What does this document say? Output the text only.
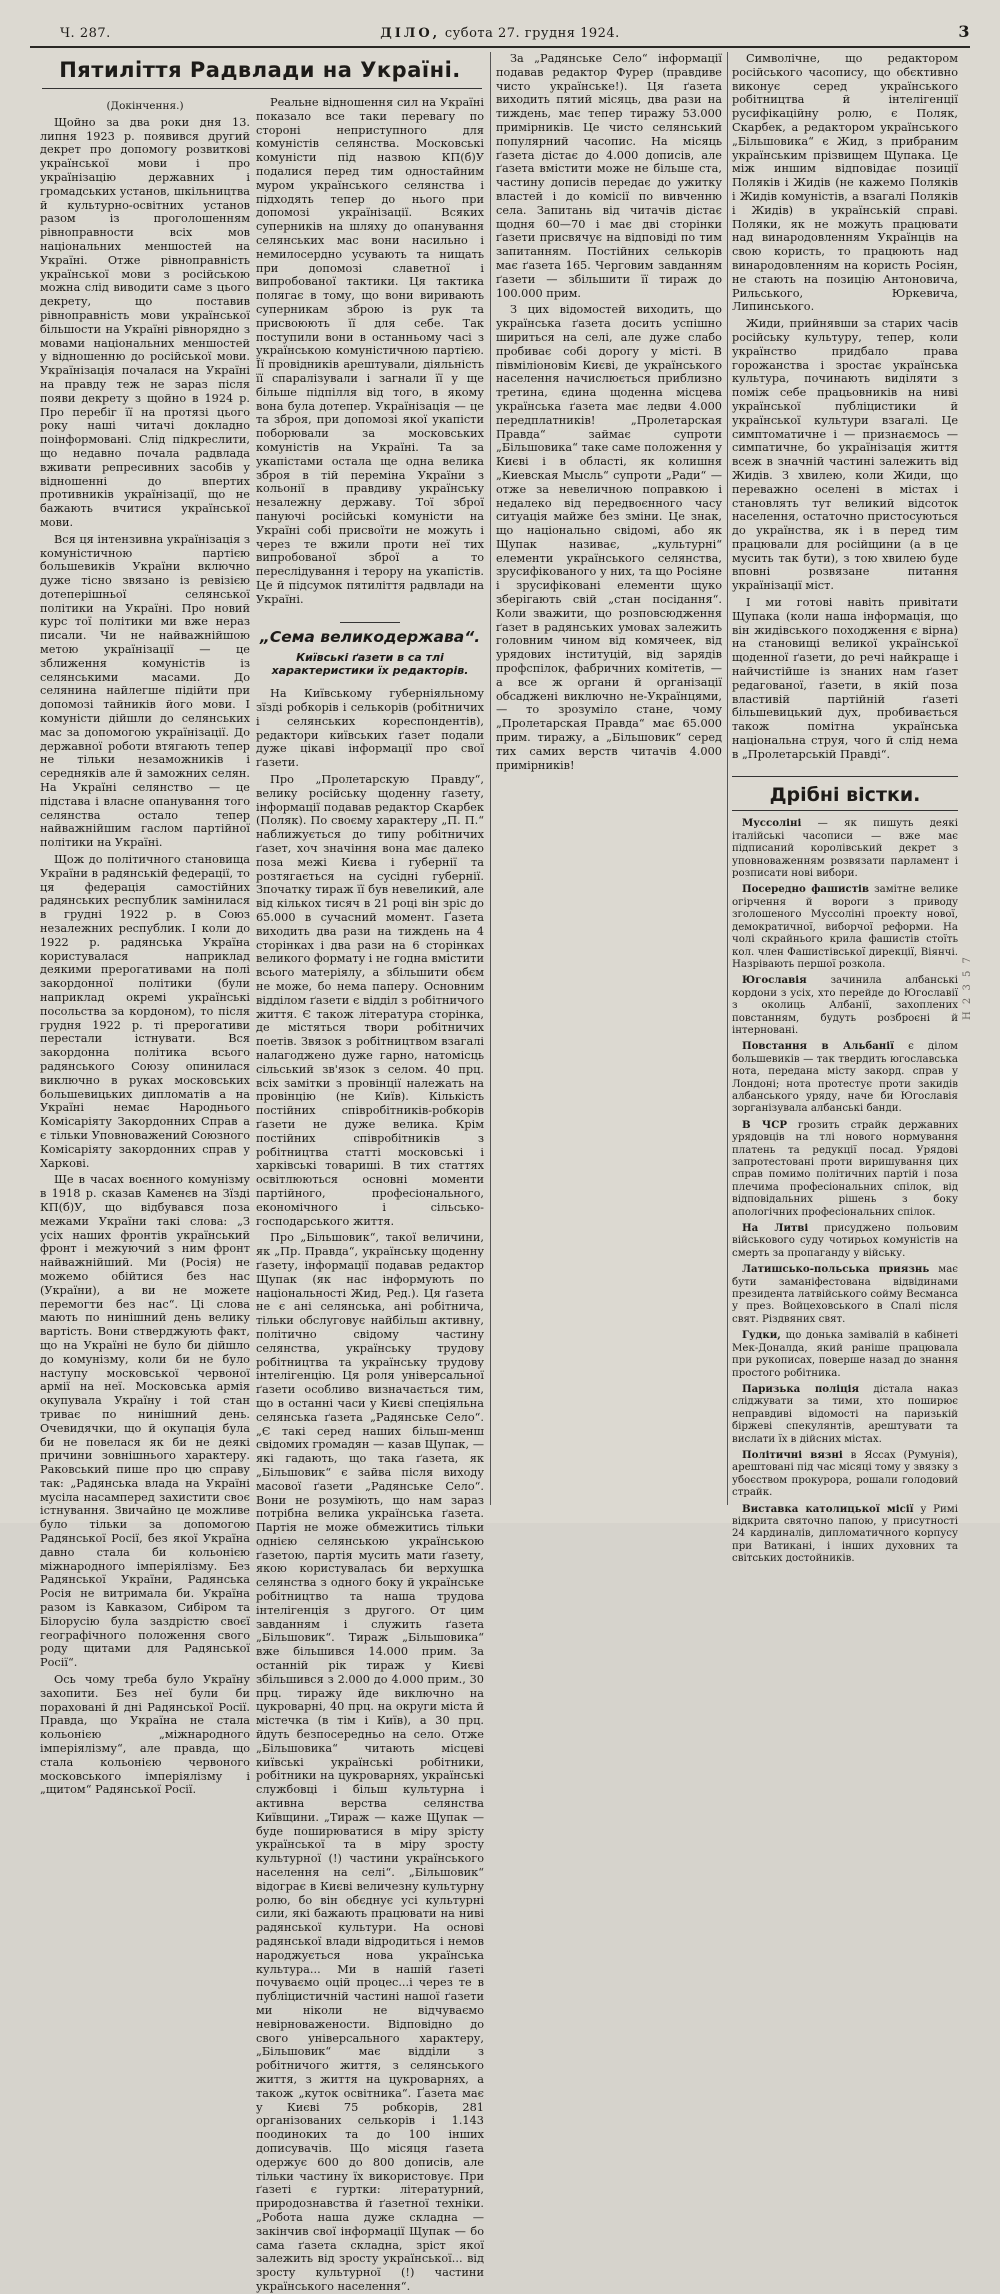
Ч. 287.	ДІЛО, субота 27. грудня 1924.	3
Пятиліття Радвлади на Україні.

(Докінчення.)

Щойно за два роки дня 13. липня 1923 р. появився другий декрет про допомогу розвиткові української мови і про українізацію державних і громадських установ, шкільництва й культурно-освітних установ разом із проголошенням рівноправности всіх мов національних меншостей на Україні. Отже рівноправність української мови з російською можна слід виводити саме з цього декрету, що поставив рівноправність мови української більшости на Україні рівнорядно з мовами національних меншостей у відношенню до російської мови. Українізація почалася на Україні на правду теж не зараз після появи декрету з щойно в 1924 р. Про перебіг її на протязі цього року наші читачі докладно поінформовані. Слід підкреслити, що недавно почала радвлада вживати репресивних засобів у відношенні до впертих противників українізації, що не бажають вчитися української мови.

Вся ця інтензивна українізація з комуністичною партією большевиків України включно дуже тісно звязано із ревізією дотеперішньої селянської політики на Україні. Про новий курс тої політики ми вже нераз писали. Чи не найважнійшою метою українізації — це зближення комуністів із селянськими масами. До селянина найлегше підійти при допомозі тайників його мови. І комуністи дійшли до селянських мас за допомогою українізації. До державної роботи втягають тепер не тільки незаможників і середняків але й заможних селян. На Україні селянство — це підстава і власне опанування того селянства остало тепер найважнійшим гаслом партійної політики на Україні.

Щож до політичного становища України в радянській федерації, то ця федерація самостійних радянських республик замінилася в грудні 1922 р. в Союз незалежних республик. І коли до 1922 р. радянська Україна користувалася наприклад деякими прерогативами на полі закордонної політики (були наприклад окремі українські посольства за кордоном), то після грудня 1922 р. ті прерогативи перестали істнувати. Вся закордонна політика всього радянського Союзу опинилася виключно в руках московських большевицьких дипломатів а на Україні немає Народнього Комісаріяту Закордонних Справ а є тільки Уповноважений Союзного Комісаріяту закордонних справ у Харкові.

Ще в часах воєнного комунізму в 1918 р. сказав Каменєв на Зїзді КП(б)У, що відбувався поза межами України такі слова: „З усіх наших фронтів український фронт і межуючий з ним фронт найважнійший. Ми (Росія) не можемо обійтися без нас (України), а ви не можете перемогти без нас“. Ці слова мають по нинішний день велику вартість. Вони стверджують факт, що на Україні не було би дійшло до комунізму, коли би не було наступу московської червоної армії на неї. Московська армія окупувала Україну і той стан триває по нинішний день. Очевидячки, що й окупація була би не повелася як би не деякі причини зовнішнього характеру. Раковський пише про цю справу так: „Радянська влада на Україні мусіла насамперед захистити своє істнування. Звичайно це можливе було тільки за допомогою Радянської Росії, без якої Україна давно стала би кольонією міжнародного імперіялізму. Без Радянської України, Радянська Росія не витримала би. Україна разом із Кавказом, Сибіром та Білорусію була заздрістю своєї географічного положення свого роду щитами для Радянської Росії“.

Ось чому треба було Україну захопити. Без неї були би пораховані й дні Радянської Росії. Правда, що Україна не стала кольонією „міжнародного імперіялізму“, але правда, що стала кольонією червоного московського імперіялізму і „щитом“ Радянської Росії.

Реальне відношення сил на Україні показало все таки перевагу по стороні неприступного для комуністів селянства. Московські комуністи під назвою КП(б)У подалися перед тим одностайним муром українського селянства і підходять тепер до нього при допомозі українізації. Всяких суперників на шляху до опанування селянських мас вони насильно і немилосердно усувають та нищать при допомозі славетної і випробованої тактики. Ця тактика полягає в тому, що вони виривають суперникам зброю із рук та присвоюють її для себе. Так поступили вони в останньому часі з українською комуністичною партією. Її провідників арештували, діяльність її спаралізували і загнали її у ще більше підпілля від того, в якому вона була дотепер. Українізація — це та зброя, при допомозі якої укапісти поборювали за московських комуністів на Україні. Та за укапістами остала ще одна велика зброя в тій переміна України з кольонії в правдиву українську незалежну державу. Тої зброї пануючі російські комуністи на Україні собі присвоїти не можуть і через те вжили проти неї тих випробованої зброї а то переслідування і терору на укапістів. Це й підсумок пятиліття радвлади на Україні.

„Сема великодержава“.

Київські ґазети в са тлі характеристики їх редакторів.

На Київському губерніяльному зїзді робкорів і селькорів (робітничих і селянських кореспондентів), редактори київських ґазет подали дуже цікаві інформації про свої ґазети.

Про „Пролетарскую Правду“, велику російську щоденну ґазету, інформації подавав редактор Скарбек (Поляк). По своєму характеру „П. П.“ наближується до типу робітничих ґазет, хоч значіння вона має далеко поза межі Києва і губернії та розтягається на сусідні губернії. Зпочатку тираж її був невеликий, але від кількох тисяч в 21 році він зріс до 65.000 в сучасний момент. Ґазета виходить два рази на тиждень на 4 сторінках і два рази на 6 сторінках великого формату і не годна вмістити всього матеріялу, а збільшити обєм не може, бо нема паперу. Основним відділом ґазети є відділ з робітничого життя. Є також література сторінка, де містяться твори робітничих поетів. Звязок з робітництвом взагалі налагоджено дуже гарно, натомісць сільський зв'язок з селом. 40 прц. всіх замітки з провінції належать на провінцію (не Київ). Кількість постійних співробітників-робкорів ґазети не дуже велика. Крім постійних співробітників з робітництва статті московські і харківські товариші. В тих статтях освітлюються основні моменти партійного, професіонального, економічного і сільсько-господарського життя.

Про „Більшовик“, такої величини, як „Пр. Правда“, українську щоденну ґазету, інформації подавав редактор Щупак (як нас інформують по національності Жид, Ред.). Ця ґазета не є ані селянська, ані робітнича, тільки обслуговує найбільш активну, політично свідому частину селянства, українську трудову робітництва та українську трудову інтелігенцію. Ця роля універсальної ґазети особливо визначається тим, що в останні часи у Києві спеціяльна селянська ґазета „Радянське Село“. „Є такі серед наших більш-менш свідомих громадян — казав Щупак, — які гадають, що така ґазета, як „Більшовик“ є зайва після виходу масової ґазети „Радянське Село“. Вони не розуміють, що нам зараз потрібна велика українська ґазета. Партія не може обмежитись тільки однією селянською українською ґазетою, партія мусить мати ґазету, якою користувалась би верхушка селянства з одного боку й українське робітництво та наша трудова інтелігенція з другого. От цим завданням і служить ґазета „Більшовик“. Тираж „Більшовика“ вже більшився 14.000 прим. За останній рік тираж у Києві збільшився з 2.000 до 4.000 прим., 30 прц. тиражу йде виключно на цукроварні, 40 прц. на округи міста й містечка (в тім і Київ), а 30 прц. йдуть безпосередньо на село. Отже „Більшовика“ читають місцеві київські українські робітники, робітники на цукроварнях, українські службовці і більш культурна і активна верства селянства Київщини. „Тираж — каже Щупак — буде поширюватися в міру зрісту української та в міру зросту культурної (!) частини українського населення на селі“. „Більшовик“ відограє в Києві величезну культурну ролю, бо він обєднує усі культурні сили, які бажають працювати на ниві радянської культури. На основі радянської влади відродиться і немов народжується нова українська культура... Ми в нашій ґазеті почуваємо оцій процес...і через те в публіцистичній частині нашої ґазети ми ніколи не відчуваємо невірноважености. Відповідно до свого універсального характеру, „Більшовик“ має відділи з робітничого життя, з селянського життя, з життя на цукроварнях, а також „куток освітника“. Ґазета має у Києві 75 робкорів, 281 організованих селькорів і 1.143 поодиноких та до 100 інших дописувачів. Що місяця ґазета одержує 600 до 800 дописів, але тільки частину їх використовує. При ґазеті є гуртки: літературний, природознавства й ґазетної техніки. „Робота наша дуже складна — закінчив свої інформації Щупак — бо сама ґазета складна, зріст якої залежить від зросту української... від зросту культурної (!) частини українського населення“.

За „Радянське Село“ інформації подавав редактор Фурер (правдиве чисто українське!). Ця ґазета виходить пятий місяць, два рази на тиждень, має тепер тиражу 53.000 примірників. Це чисто селянський популярний часопис. На місяць ґазета дістає до 4.000 дописів, але ґазета вмістити може не більше ста, частину дописів передає до ужитку властей і до комісії по вивченню села. Запитань від читачів дістає щодня 60—70 і має дві сторінки ґазети присвячує на відповіді по тим запитанням. Постійних селькорів має ґазета 165. Черговим завданням ґазети — збільшити її тираж до 100.000 прим.

З цих відомостей виходить, що українська ґазета досить успішно шириться на селі, але дуже слабо пробиває собі дорогу у місті. В півміліоновім Києві, де українського населення начислюється приблизно третина, єдина щоденна місцева українська ґазета має ледви 4.000 передплатників! „Пролетарская Правда“ займає супроти „Більшовика“ таке саме положення у Києві і в області, як колишня „Киевская Мысль“ супроти „Ради“ — отже за невеличною поправкою і недалеко від передвоєнного часу ситуація майже без зміни. Це знак, що національно свідомі, або як Щупак називає, „культурні“ елементи українського селянства, зрусифікованого у них, та що Росіяне і зрусифіковані елементи щуко зберігають свій „стан посідання“. Коли зважити, що розповсюдження ґазет в радянських умовах залежить головним чином від комячеек, від урядових інституцій, від зарядів профспілок, фабричних комітетів, — а все ж органи й організації обсаджені виключно не-Українцями, — то зрозуміло стане, чому „Пролетарская Правда“ має 65.000 прим. тиражу, а „Більшовик“ серед тих самих верств читачів 4.000 примірників!

Символічне, що редактором російського часопису, що обєктивно виконує серед українського робітництва й інтелігенції русифікаційну ролю, є Поляк, Скарбек, а редактором українського „Більшовика“ є Жид, з прибраним українським прізвищем Щупака. Це між иншим відповідає позиції Поляків і Жидів (не кажемо Поляків і Жидів комуністів, а взагалі Поляків і Жидів) в українській справі. Поляки, як не можуть працювати над винародовленням Українців на свою користь, то працюють над винародовленням на користь Росіян, не стають на позицію Антоновича, Рильського, Юркевича, Липинського.

Жиди, прийнявши за старих часів російську культуру, тепер, коли українство придбало права горожанства і зростає українська культура, починають виділяти з поміж себе працьовників на ниві української публіцистики й української культури взагалі. Це симптоматичне і — признаємось — симпатичне, бо українізація життя всеж в значній частині залежить від Жидів. З хвилею, коли Жиди, що переважно оселені в містах і становлять тут великий відсоток населення, остаточно пристосуються до українства, як і в перед тим працювали для російщини (а в це мусить так бути), з тою хвилею буде вповні розвязане питання українізації міст.

І ми готові навіть привітати Щупака (коли наша інформація, що він жидівського походження є вірна) на становищі великої української щоденної ґазети, до речі найкраще і найчистійше із знаних нам ґазет редагованої, ґазети, в якій поза властивій партійній ґазеті більшевицький дух, пробивається також помітна українська національна струя, чого й слід нема в „Пролетарській Правді“.

Дрібні вістки.

Муссоліні — як пишуть деякі італійські часописи — вже має підписаний королівський декрет з уповноваженням розвязати парламент і розписати нові вибори.

Посередно фашистів замітне велике огірчення й вороги з приводу зголошеного Муссоліні проекту нової, демократичної, виборчої реформи. На чолі скрайнього крила фашистів стоїть кол. член Фашистівської дирекції, Віянчі. Назрівають першої розкола.

Югославія зачинила албанські кордони з усіх, хто перейде до Югославії з околиць Албанії, захоплених повстанням, будуть розброєні й інтерновані.

Повстання в Альбанії є ділом большевиків — так твердить югославська нота, передана місту закорд. справ у Лондоні; нота протестує проти закидів албанського уряду, наче би Югославія зорганізувала албанські банди.

В ЧСР грозить страйк державних урядовців на тлі нового нормування платень та редукції посад. Урядові запротестовані проти виришування цих справ помимо політичних партій і поза плечима професіональних спілок, від відповідальних рішень з боку апологічних професіональних спілок.

На Литві присуджено польовим військового суду чотирьох комуністів на смерть за пропаганду у війську.

Латишсько-польська приязнь має бути заманіфестована відвідинами президента латвійського сойму Весманса у през. Войцеховського в Спалі після свят. Різдвяних свят.

Гудки, що донька замівалій в кабінеті Мек-Доналда, який раніше працювала при рукописах, поверше назад до знання простого робітника.

Паризька поліція дістала наказ сліджувати за тими, хто поширює неправдиві відомості на паризькій біржеві спекулянтів, арештувати та вислати їх в дійсних містах.

Політичні вязні в Яссах (Румунія), арештовані під час місяці тому у звязку з убоєством прокурора, рошали голодовий страйк.

Виставка католицької місії у Римі відкрита святочно папою, у присутності 24 кардиналів, дипломатичного корпусу при Ватикані, і інших духовних та світських достойників.

Н 2 3 5 7
